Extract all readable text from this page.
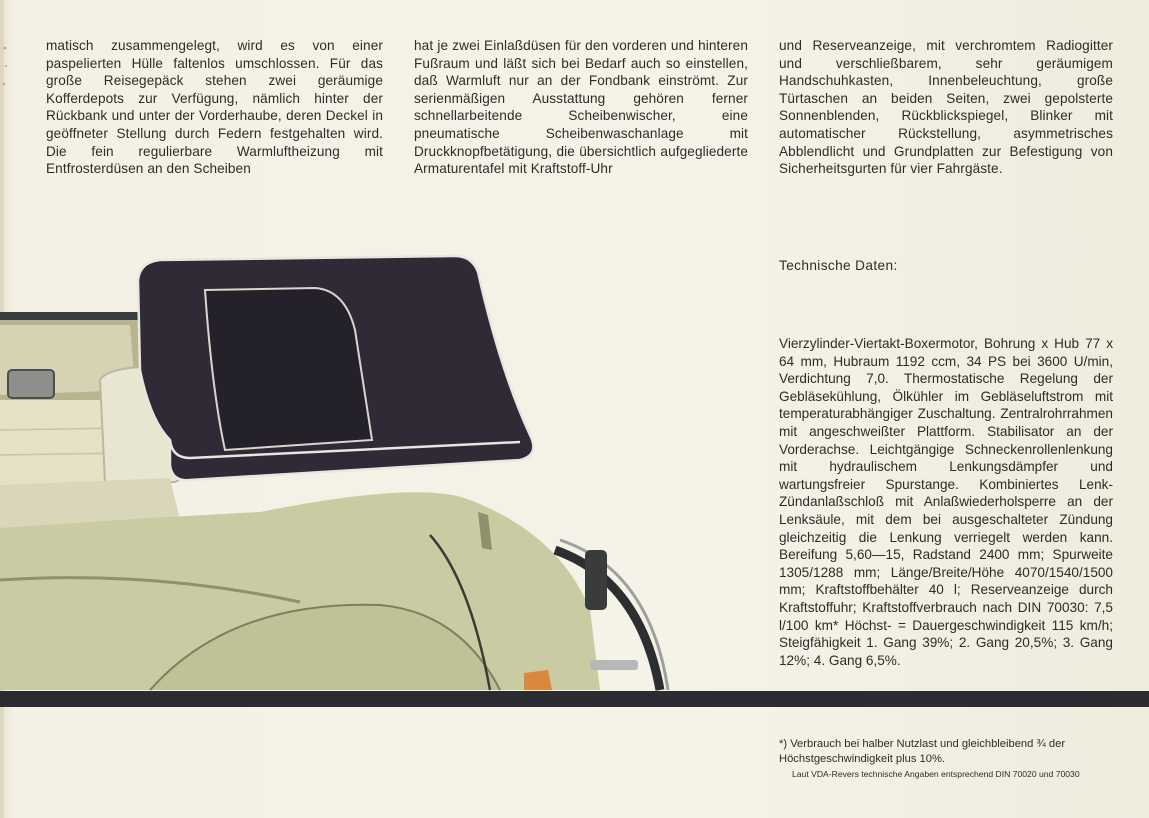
matisch zusammengelegt, wird es von einer paspelierten Hülle faltenlos umschlossen. Für das große Reisegepäck stehen zwei geräumige Kofferdepots zur Verfügung, nämlich hinter der Rückbank und unter der Vorderhaube, deren Deckel in geöffneter Stellung durch Federn festgehalten wird. Die fein regulierbare Warmluftheizung mit Entfrosterdüsen an den Scheiben

hat je zwei Einlaßdüsen für den vorderen und hinteren Fußraum und läßt sich bei Bedarf auch so einstellen, daß Warmluft nur an der Fondbank einströmt. Zur serienmäßigen Ausstattung gehören ferner schnellarbeitende Scheibenwischer, eine pneumatische Scheibenwaschanlage mit Druckknopfbetätigung, die übersichtlich aufgegliederte Armaturentafel mit Kraftstoff-Uhr

und Reserveanzeige, mit verchromtem Radiogitter und verschließbarem, sehr geräumigem Handschuhkasten, Innenbeleuchtung, große Türtaschen an beiden Seiten, zwei gepolsterte Sonnenblenden, Rückblickspiegel, Blinker mit automatischer Rückstellung, asymmetrisches Abblendlicht und Grundplatten zur Befestigung von Sicherheitsgurten für vier Fahrgäste.

Technische Daten:

Vierzylinder-Viertakt-Boxermotor, Bohrung x Hub 77 x 64 mm, Hubraum 1192 ccm, 34 PS bei 3600 U/min, Verdichtung 7,0. Thermostatische Regelung der Gebläsekühlung, Ölkühler im Gebläseluftstrom mit temperaturabhängiger Zuschaltung. Zentralrohrrahmen mit angeschweißter Plattform. Stabilisator an der Vorderachse. Leichtgängige Schneckenrollenlenkung mit hydraulischem Lenkungsdämpfer und wartungsfreier Spurstange. Kombiniertes Lenk-Zündanlaßschloß mit Anlaßwiederholsperre an der Lenksäule, mit dem bei ausgeschalteter Zündung gleichzeitig die Lenkung verriegelt werden kann. Bereifung 5,60—15, Radstand 2400 mm; Spurweite 1305/1288 mm; Länge/Breite/Höhe 4070/1540/1500 mm; Kraftstoffbehälter 40 l; Reserveanzeige durch Kraftstoffuhr; Kraftstoffverbrauch nach DIN 70030: 7,5 l/100 km* Höchst- = Dauergeschwindigkeit 115 km/h; Steigfähigkeit 1. Gang 39%; 2. Gang 20,5%; 3. Gang 12%; 4. Gang 6,5%.

*) Verbrauch bei halber Nutzlast und gleichbleibend ¾ der Höchstgeschwindigkeit plus 10%.

Laut VDA-Revers technische Angaben entsprechend DIN 70020 und 70030
